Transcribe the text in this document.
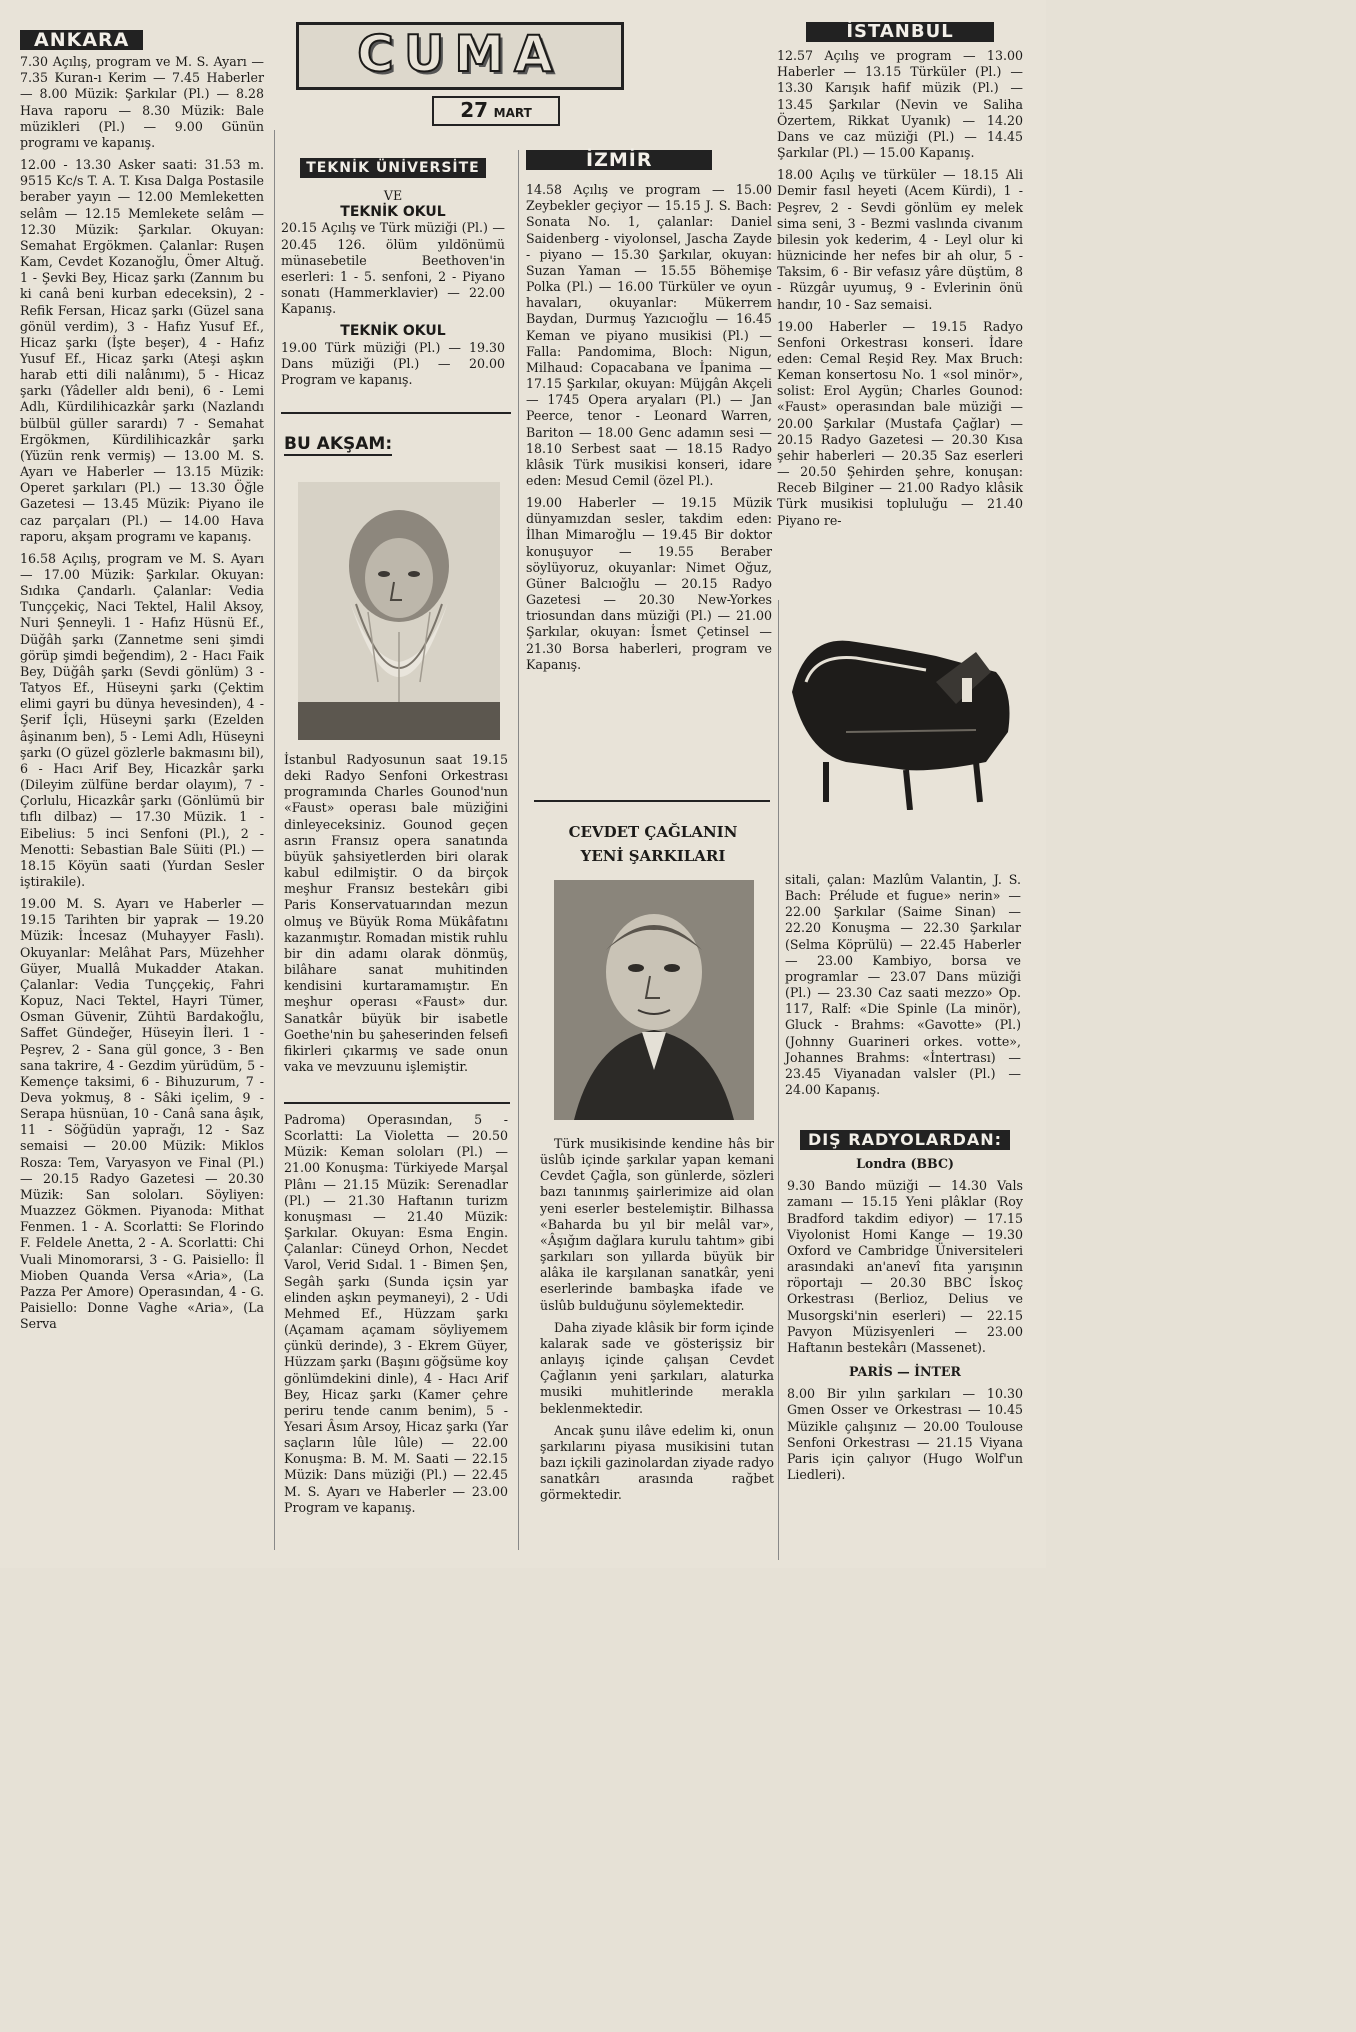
ANKARA

7.30 Açılış, program ve M. S. Ayarı — 7.35 Kuran-ı Kerim — 7.45 Haberler — 8.00 Müzik: Şarkılar (Pl.) — 8.28 Hava raporu — 8.30 Müzik: Bale müzikleri (Pl.) — 9.00 Günün programı ve kapanış.

12.00 - 13.30 Asker saati: 31.53 m. 9515 Kc/s T. A. T. Kısa Dalga Postasile beraber yayın — 12.00 Memleketten selâm — 12.15 Memlekete selâm — 12.30 Müzik: Şarkılar. Okuyan: Semahat Ergökmen. Çalanlar: Ruşen Kam, Cevdet Kozanoğlu, Ömer Altuğ. 1 - Şevki Bey, Hicaz şarkı (Zannım bu ki canâ beni kurban edeceksin), 2 - Refik Fersan, Hicaz şarkı (Güzel sana gönül verdim), 3 - Hafız Yusuf Ef., Hicaz şarkı (İşte beşer), 4 - Hafız Yusuf Ef., Hicaz şarkı (Ateşi aşkın harab etti dili nalânımı), 5 - Hicaz şarkı (Yâdeller aldı beni), 6 - Lemi Adlı, Kürdilihicazkâr şarkı (Nazlandı bülbül güller sarardı) 7 - Semahat Ergökmen, Kürdilihicazkâr şarkı (Yüzün renk vermiş) — 13.00 M. S. Ayarı ve Haberler — 13.15 Müzik: Operet şarkıları (Pl.) — 13.30 Öğle Gazetesi — 13.45 Müzik: Piyano ile caz parçaları (Pl.) — 14.00 Hava raporu, akşam programı ve kapanış.

16.58 Açılış, program ve M. S. Ayarı — 17.00 Müzik: Şarkılar. Okuyan: Sıdıka Çandarlı. Çalanlar: Vedia Tunççekiç, Naci Tektel, Halil Aksoy, Nuri Şenneyli. 1 - Hafız Hüsnü Ef., Düğâh şarkı (Zannetme seni şimdi görüp şimdi beğendim), 2 - Hacı Faik Bey, Düğâh şarkı (Sevdi gönlüm) 3 - Tatyos Ef., Hüseyni şarkı (Çektim elimi gayri bu dünya hevesinden), 4 - Şerif İçli, Hüseyni şarkı (Ezelden âşinanım ben), 5 - Lemi Adlı, Hüseyni şarkı (O güzel gözlerle bakmasını bil), 6 - Hacı Arif Bey, Hicazkâr şarkı (Dileyim zülfüne berdar olayım), 7 - Çorlulu, Hicazkâr şarkı (Gönlümü bir tıflı dilbaz) — 17.30 Müzik. 1 - Eibelius: 5 inci Senfoni (Pl.), 2 - Menotti: Sebastian Bale Süiti (Pl.) — 18.15 Köyün saati (Yurdan Sesler iştirakile).

19.00 M. S. Ayarı ve Haberler — 19.15 Tarihten bir yaprak — 19.20 Müzik: İncesaz (Muhayyer Faslı). Okuyanlar: Melâhat Pars, Müzehher Güyer, Muallâ Mukadder Atakan. Çalanlar: Vedia Tunççekiç, Fahri Kopuz, Naci Tektel, Hayri Tümer, Osman Güvenir, Zühtü Bardakoğlu, Saffet Gündeğer, Hüseyin İleri. 1 - Peşrev, 2 - Sana gül gonce, 3 - Ben sana takrire, 4 - Gezdim yürüdüm, 5 - Kemençe taksimi, 6 - Bihuzurum, 7 - Deva yokmuş, 8 - Sâki içelim, 9 - Serapa hüsnüan, 10 - Canâ sana âşık, 11 - Söğüdün yaprağı, 12 - Saz semaisi — 20.00 Müzik: Miklos Rosza: Tem, Varyasyon ve Final (Pl.) — 20.15 Radyo Gazetesi — 20.30 Müzik: San soloları. Söyliyen: Muazzez Gökmen. Piyanoda: Mithat Fenmen. 1 - A. Scorlatti: Se Florindo F. Feldele Anetta, 2 - A. Scorlatti: Chi Vuali Minomorarsi, 3 - G. Paisiello: İl Mioben Quanda Versa «Aria», (La Pazza Per Amore) Operasından, 4 - G. Paisiello: Donne Vaghe «Aria», (La Serva

CUMA
27 MART
TEKNİK ÜNİVERSİTE
VE
TEKNİK OKUL

20.15 Açılış ve Türk müziği (Pl.) — 20.45 126. ölüm yıldönümü münasebetile Beethoven'in eserleri: 1 - 5. senfoni, 2 - Piyano sonatı (Hammerklavier) — 22.00 Kapanış.

TEKNİK OKUL

19.00 Türk müziği (Pl.) — 19.30 Dans müziği (Pl.) — 20.00 Program ve kapanış.

BU AKŞAM:

İstanbul Radyosunun saat 19.15 deki Radyo Senfoni Orkestrası programında Charles Gounod'nun «Faust» operası bale müziğini dinleyeceksiniz. Gounod geçen asrın Fransız opera sanatında büyük şahsiyetlerden biri olarak kabul edilmiştir. O da birçok meşhur Fransız bestekârı gibi Paris Konservatuarından mezun olmuş ve Büyük Roma Mükâfatını kazanmıştır. Romadan mistik ruhlu bir din adamı olarak dönmüş, bilâhare sanat muhitinden kendisini kurtaramamıştır. En meşhur operası «Faust» dur. Sanatkâr büyük bir isabetle Goethe'nin bu şaheserinden felsefi fikirleri çıkarmış ve sade onun vaka ve mevzuunu işlemiştir.

Padroma) Operasından, 5 - Scorlatti: La Violetta — 20.50 Müzik: Keman soloları (Pl.) — 21.00 Konuşma: Türkiyede Marşal Plânı — 21.15 Müzik: Serenadlar (Pl.) — 21.30 Haftanın turizm konuşması — 21.40 Müzik: Şarkılar. Okuyan: Esma Engin. Çalanlar: Cüneyd Orhon, Necdet Varol, Verid Sıdal. 1 - Bimen Şen, Segâh şarkı (Sunda içsin yar elinden aşkın peymaneyi), 2 - Udi Mehmed Ef., Hüzzam şarkı (Açamam açamam söyliyemem çünkü derinde), 3 - Ekrem Güyer, Hüzzam şarkı (Başını göğsüme koy gönlümdekini dinle), 4 - Hacı Arif Bey, Hicaz şarkı (Kamer çehre periru tende canım benim), 5 - Yesari Âsım Arsoy, Hicaz şarkı (Yar saçların lûle lûle) — 22.00 Konuşma: B. M. M. Saati — 22.15 Müzik: Dans müziği (Pl.) — 22.45 M. S. Ayarı ve Haberler — 23.00 Program ve kapanış.

İZMİR

14.58 Açılış ve program — 15.00 Zeybekler geçiyor — 15.15 J. S. Bach: Sonata No. 1, çalanlar: Daniel Saidenberg - viyolonsel, Jascha Zayde - piyano — 15.30 Şarkılar, okuyan: Suzan Yaman — 15.55 Böhemişe Polka (Pl.) — 16.00 Türküler ve oyun havaları, okuyanlar: Mükerrem Baydan, Durmuş Yazıcıoğlu — 16.45 Keman ve piyano musikisi (Pl.) — Falla: Pandomima, Bloch: Nigun, Milhaud: Copacabana ve İpanima — 17.15 Şarkılar, okuyan: Müjgân Akçeli — 1745 Opera aryaları (Pl.) — Jan Peerce, tenor - Leonard Warren, Bariton — 18.00 Genc adamın sesi — 18.10 Serbest saat — 18.15 Radyo klâsik Türk musikisi konseri, idare eden: Mesud Cemil (özel Pl.).

19.00 Haberler — 19.15 Müzik dünyamızdan sesler, takdim eden: İlhan Mimaroğlu — 19.45 Bir doktor konuşuyor — 19.55 Beraber söylüyoruz, okuyanlar: Nimet Oğuz, Güner Balcıoğlu — 20.15 Radyo Gazetesi — 20.30 New-Yorkes triosundan dans müziği (Pl.) — 21.00 Şarkılar, okuyan: İsmet Çetinsel — 21.30 Borsa haberleri, program ve Kapanış.

CEVDET ÇAĞLANIN
YENİ ŞARKILARI

Türk musikisinde kendine hâs bir üslûb içinde şarkılar yapan kemani Cevdet Çağla, son günlerde, sözleri bazı tanınmış şairlerimize aid olan yeni eserler bestelemiştir. Bilhassa «Baharda bu yıl bir melâl var», «Âşığım dağlara kurulu tahtım» gibi şarkıları son yıllarda büyük bir alâka ile karşılanan sanatkâr, yeni eserlerinde bambaşka ifade ve üslûb bulduğunu söylemektedir.

Daha ziyade klâsik bir form içinde kalarak sade ve gösterişsiz bir anlayış içinde çalışan Cevdet Çağlanın yeni şarkıları, alaturka musiki muhitlerinde merakla beklenmektedir.

Ancak şunu ilâve edelim ki, onun şarkılarını piyasa musikisini tutan bazı içkili gazinolardan ziyade radyo sanatkârı arasında rağbet görmektedir.

İSTANBUL

12.57 Açılış ve program — 13.00 Haberler — 13.15 Türküler (Pl.) — 13.30 Karışık hafif müzik (Pl.) — 13.45 Şarkılar (Nevin ve Saliha Özertem, Rikkat Uyanık) — 14.20 Dans ve caz müziği (Pl.) — 14.45 Şarkılar (Pl.) — 15.00 Kapanış.

18.00 Açılış ve türküler — 18.15 Ali Demir fasıl heyeti (Acem Kürdi), 1 - Peşrev, 2 - Sevdi gönlüm ey melek sima seni, 3 - Bezmi vaslında civanım bilesin yok kederim, 4 - Leyl olur ki hüznicinde her nefes bir ah olur, 5 - Taksim, 6 - Bir vefasız yâre düştüm, 8 - Rüzgâr uyumuş, 9 - Evlerinin önü handır, 10 - Saz semaisi.

19.00 Haberler — 19.15 Radyo Senfoni Orkestrası konseri. İdare eden: Cemal Reşid Rey. Max Bruch: Keman konsertosu No. 1 «sol minör», solist: Erol Aygün; Charles Gounod: «Faust» operasından bale müziği — 20.00 Şarkılar (Mustafa Çağlar) — 20.15 Radyo Gazetesi — 20.30 Kısa şehir haberleri — 20.35 Saz eserleri — 20.50 Şehirden şehre, konuşan: Receb Bilginer — 21.00 Radyo klâsik Türk musikisi topluluğu — 21.40 Piyano re-

sitali, çalan: Mazlûm Valantin, J. S. Bach: Prélude et fugue» nerin» — 22.00 Şarkılar (Saime Sinan) — 22.20 Konuşma — 22.30 Şarkılar (Selma Köprülü) — 22.45 Haberler — 23.00 Kambiyo, borsa ve programlar — 23.07 Dans müziği (Pl.) — 23.30 Caz saati mezzo» Op. 117, Ralf: «Die Spinle (La minör), Gluck - Brahms: «Gavotte» (Pl.) (Johnny Guarineri orkes. votte», Johannes Brahms: «İntertrası) — 23.45 Viyanadan valsler (Pl.) — 24.00 Kapanış.

DIŞ RADYOLARDAN:
Londra (BBC)

9.30 Bando müziği — 14.30 Vals zamanı — 15.15 Yeni plâklar (Roy Bradford takdim ediyor) — 17.15 Viyolonist Homi Kange — 19.30 Oxford ve Cambridge Üniversiteleri arasındaki an'anevî fıta yarışının röportajı — 20.30 BBC İskoç Orkestrası (Berlioz, Delius ve Musorgski'nin eserleri) — 22.15 Pavyon Müzisyenleri — 23.00 Haftanın bestekârı (Massenet).

PARİS — İNTER

8.00 Bir yılın şarkıları — 10.30 Gmen Osser ve Orkestrası — 10.45 Müzikle çalışınız — 20.00 Toulouse Senfoni Orkestrası — 21.15 Viyana Paris için çalıyor (Hugo Wolf'un Liedleri).
